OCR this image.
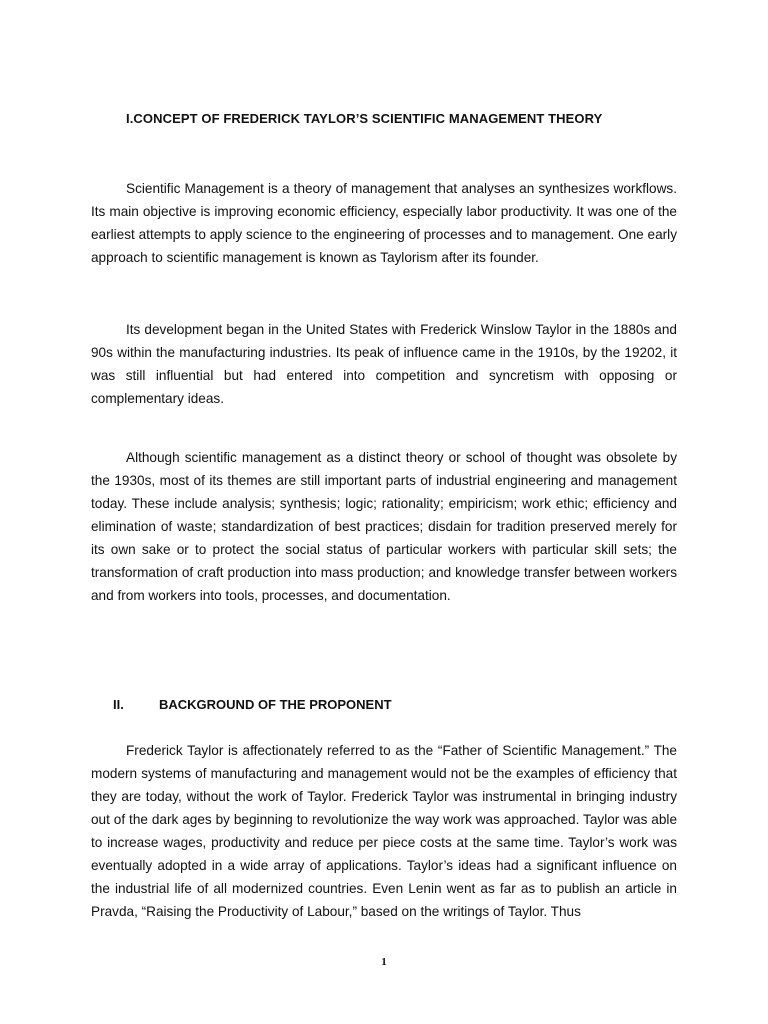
I.CONCEPT OF FREDERICK TAYLOR’S SCIENTIFIC MANAGEMENT THEORY

Scientific Management is a theory of management that analyses an synthesizes workflows. Its main objective is improving economic efficiency, especially labor productivity. It was one of the earliest attempts to apply science to the engineering of processes and to management. One early approach to scientific management is known as Taylorism after its founder.

Its development began in the United States with Frederick Winslow Taylor in the 1880s and 90s within the manufacturing industries. Its peak of influence came in the 1910s, by the 19202, it was still influential but had entered into competition and syncretism with opposing or complementary ideas.

Although scientific management as a distinct theory or school of thought was obsolete by the 1930s, most of its themes are still important parts of industrial engineering and management today. These include analysis; synthesis; logic; rationality; empiricism; work ethic; efficiency and elimination of waste; standardization of best practices; disdain for tradition preserved merely for its own sake or to protect the social status of particular workers with particular skill sets; the transformation of craft production into mass production; and knowledge transfer between workers and from workers into tools, processes, and documentation.

II.	BACKGROUND OF THE PROPONENT

Frederick Taylor is affectionately referred to as the “Father of Scientific Management.” The modern systems of manufacturing and management would not be the examples of efficiency that they are today, without the work of Taylor. Frederick Taylor was instrumental in bringing industry out of the dark ages by beginning to revolutionize the way work was approached. Taylor was able to increase wages, productivity and reduce per piece costs at the same time. Taylor’s work was eventually adopted in a wide array of applications. Taylor’s ideas had a significant influence on the industrial life of all modernized countries. Even Lenin went as far as to publish an article in Pravda, “Raising the Productivity of Labour,” based on the writings of Taylor. Thus

1
